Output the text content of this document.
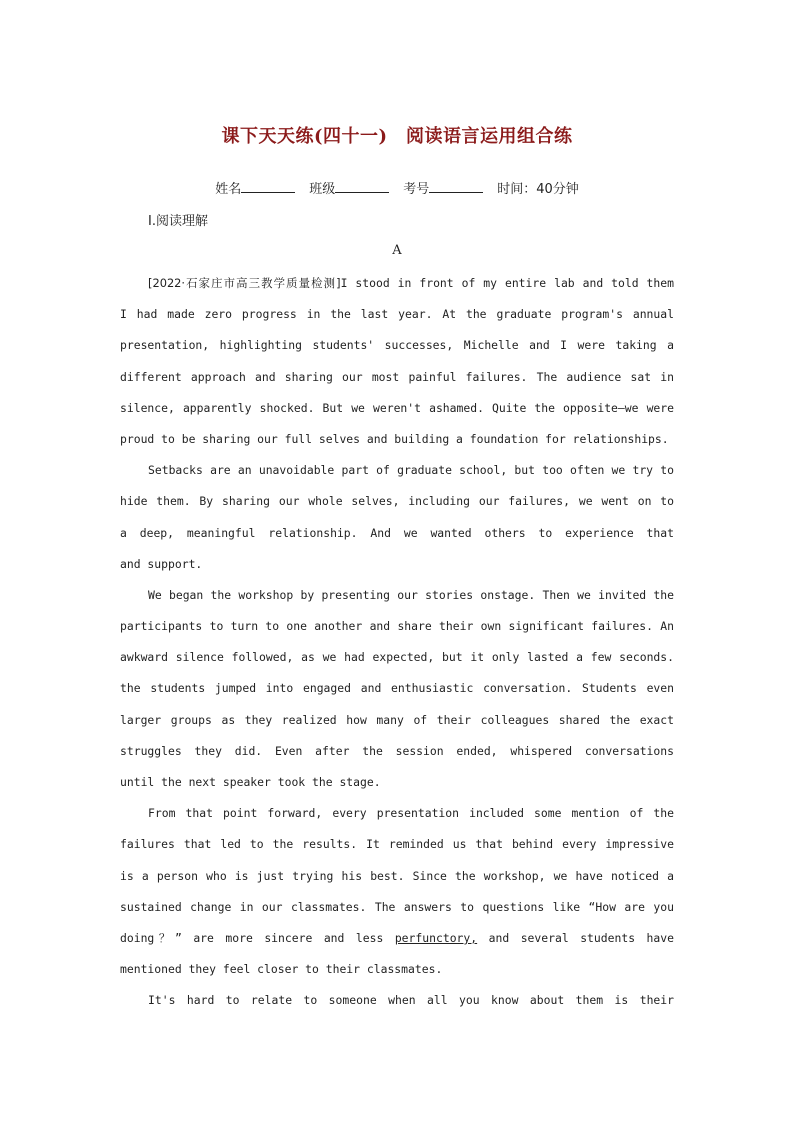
课下天天练(四十一)　阅读语言运用组合练
姓名	班级	考号	时间：40分钟
Ⅰ.阅读理解
A
[2022·石家庄市高三教学质量检测]I stood in front of my entire lab and told them
I had made zero progress in the last year. At the graduate program's annual
presentation, highlighting students' successes, Michelle and I were taking a
different approach and sharing our most painful failures. The audience sat in
silence, apparently shocked. But we weren't ashamed. Quite the opposite—we were
proud to be sharing our full selves and building a foundation for relationships.
Setbacks are an unavoidable part of graduate school, but too often we try to
hide them. By sharing our whole selves, including our failures, we went on to
a deep, meaningful relationship. And we wanted others to experience that
and support.
We began the workshop by presenting our stories onstage. Then we invited the
participants to turn to one another and share their own significant failures. An
awkward silence followed, as we had expected, but it only lasted a few seconds.
the students jumped into engaged and enthusiastic conversation. Students even
larger groups as they realized how many of their colleagues shared the exact
struggles they did. Even after the session ended, whispered conversations
until the next speaker took the stage.
From that point forward, every presentation included some mention of the
failures that led to the results. It reminded us that behind every impressive
is a person who is just trying his best. Since the workshop, we have noticed a
sustained change in our classmates. The answers to questions like “How are you
doing？” are more sincere and less perfunctory, and several students have
mentioned they feel closer to their classmates.
It's hard to relate to someone when all you know about them is their
